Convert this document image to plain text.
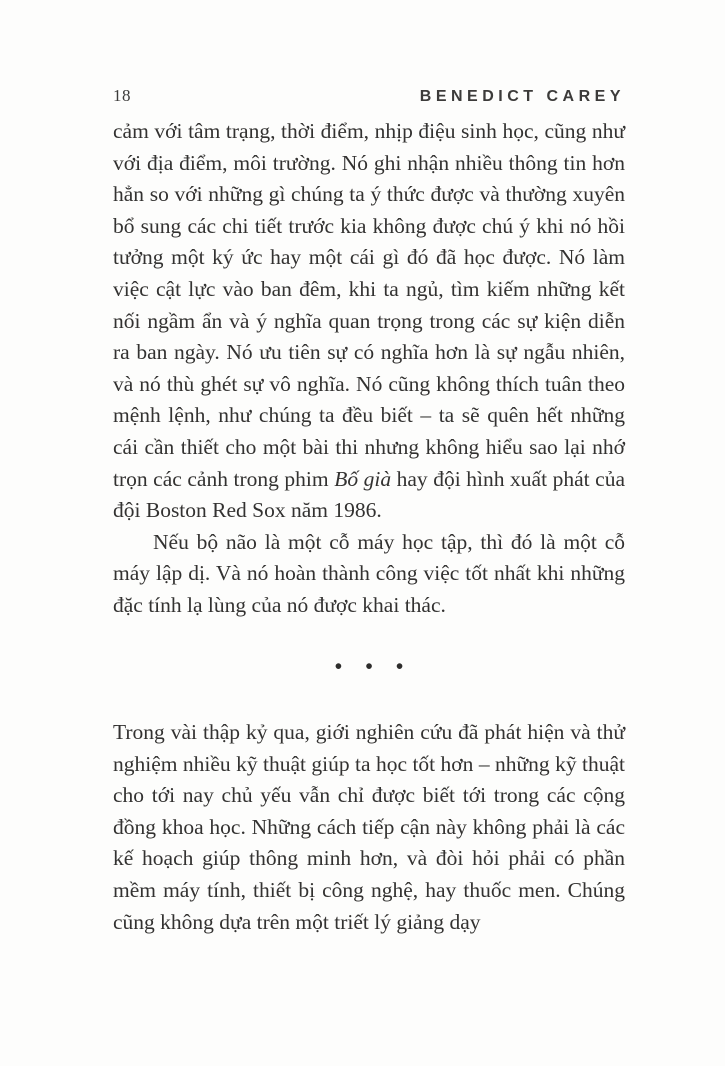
18	BENEDICT CAREY

cảm với tâm trạng, thời điểm, nhịp điệu sinh học, cũng như với địa điểm, môi trường. Nó ghi nhận nhiều thông tin hơn hẳn so với những gì chúng ta ý thức được và thường xuyên bổ sung các chi tiết trước kia không được chú ý khi nó hồi tưởng một ký ức hay một cái gì đó đã học được. Nó làm việc cật lực vào ban đêm, khi ta ngủ, tìm kiếm những kết nối ngầm ẩn và ý nghĩa quan trọng trong các sự kiện diễn ra ban ngày. Nó ưu tiên sự có nghĩa hơn là sự ngẫu nhiên, và nó thù ghét sự vô nghĩa. Nó cũng không thích tuân theo mệnh lệnh, như chúng ta đều biết – ta sẽ quên hết những cái cần thiết cho một bài thi nhưng không hiểu sao lại nhớ trọn các cảnh trong phim Bố già hay đội hình xuất phát của đội Boston Red Sox năm 1986.

Nếu bộ não là một cỗ máy học tập, thì đó là một cỗ máy lập dị. Và nó hoàn thành công việc tốt nhất khi những đặc tính lạ lùng của nó được khai thác.

• • •

Trong vài thập kỷ qua, giới nghiên cứu đã phát hiện và thử nghiệm nhiều kỹ thuật giúp ta học tốt hơn – những kỹ thuật cho tới nay chủ yếu vẫn chỉ được biết tới trong các cộng đồng khoa học. Những cách tiếp cận này không phải là các kế hoạch giúp thông minh hơn, và đòi hỏi phải có phần mềm máy tính, thiết bị công nghệ, hay thuốc men. Chúng cũng không dựa trên một triết lý giảng dạy
